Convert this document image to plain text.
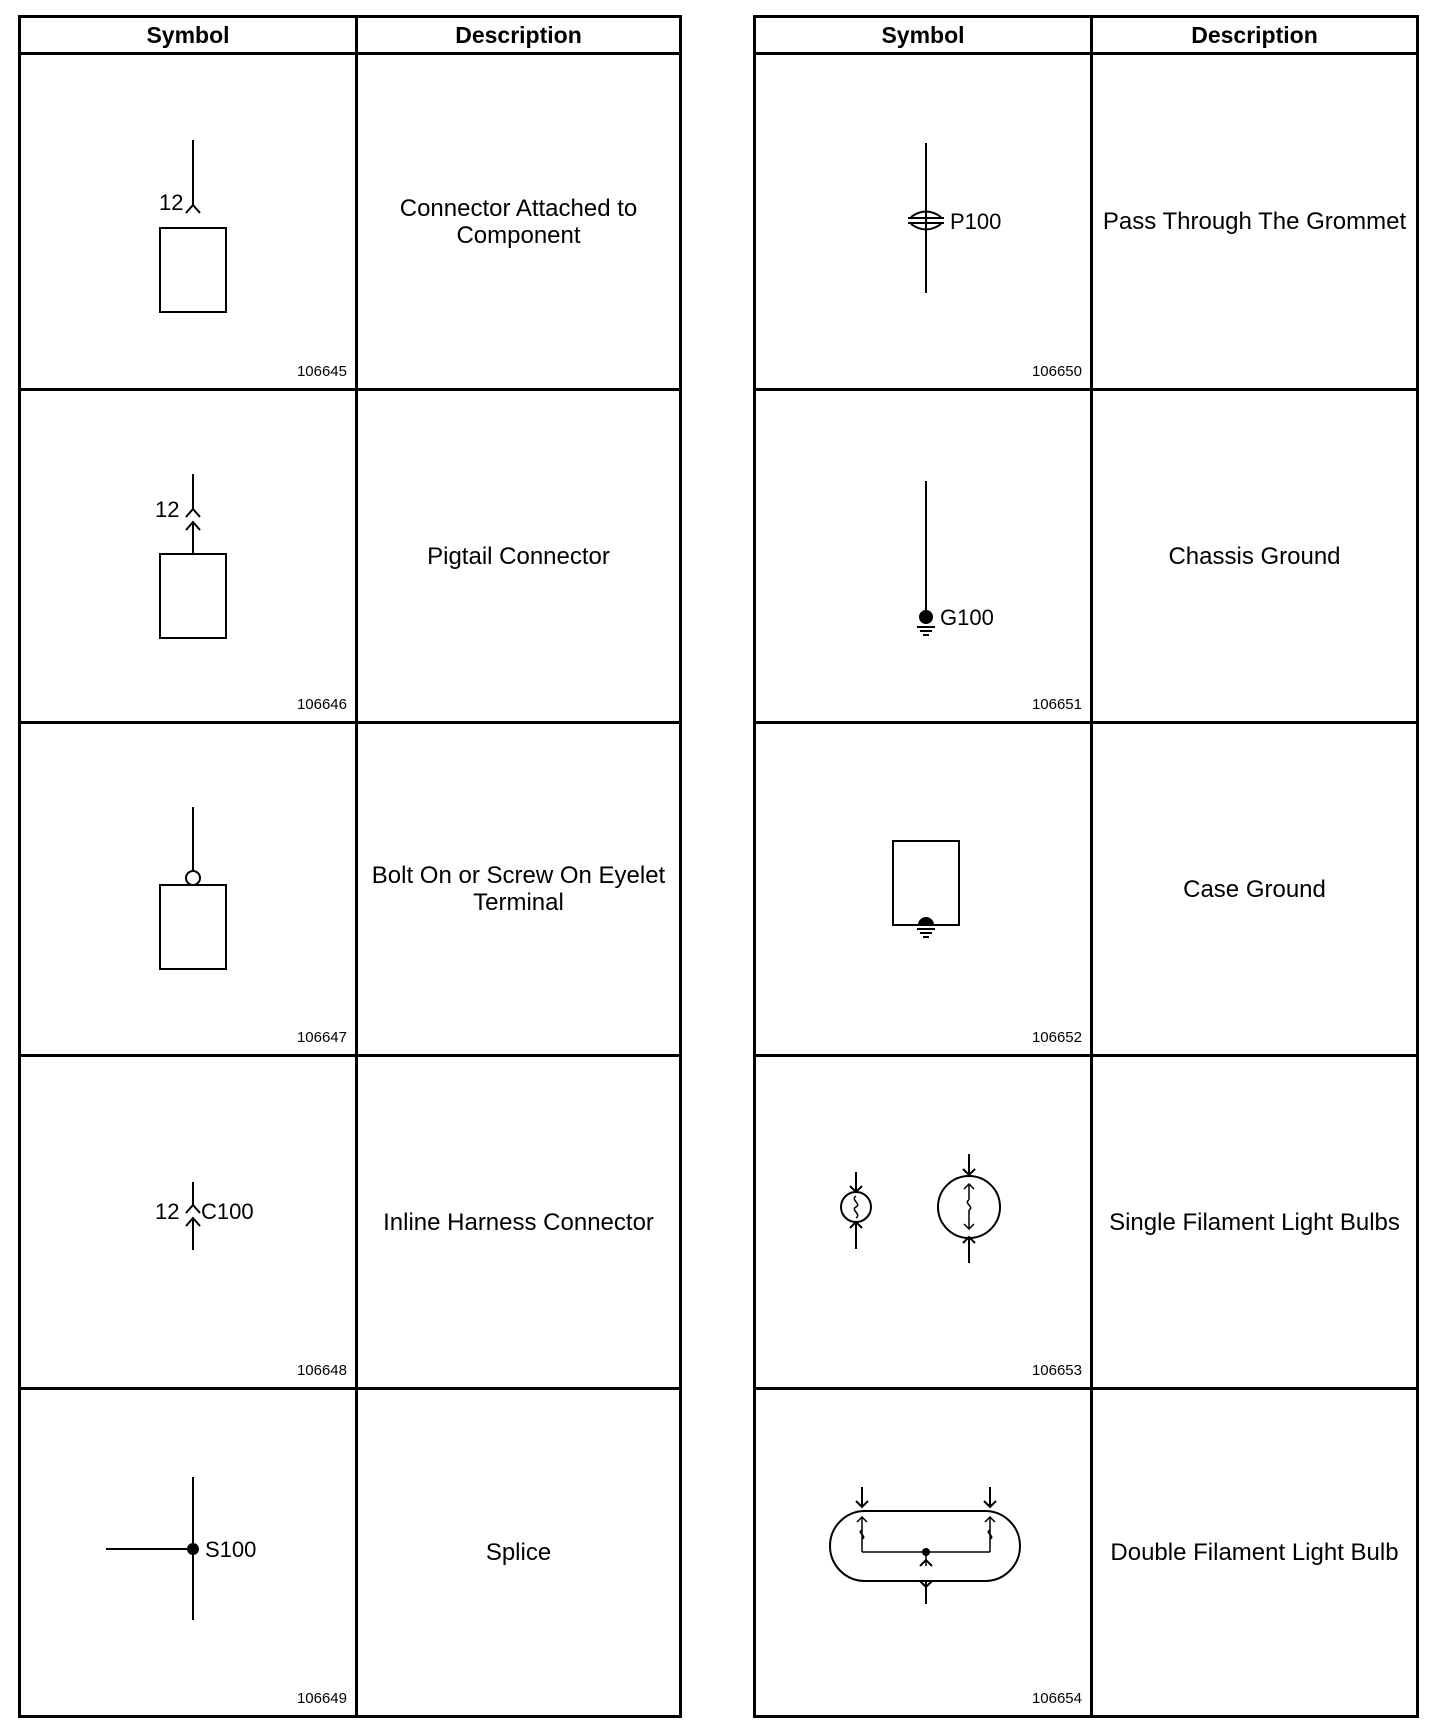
Symbol	Description
12
106645
Connector Attached to Component
12
106646
Pigtail Connector
106647
Bolt On or Screw On Eyelet Terminal
12 C100
106648
Inline Harness Connector
S100
106649
Splice
Symbol	Description
P100
106650
Pass Through The Grommet
G100
106651
Chassis Ground
106652
Case Ground
106653
Single Filament Light Bulbs
106654
Double Filament Light Bulb
